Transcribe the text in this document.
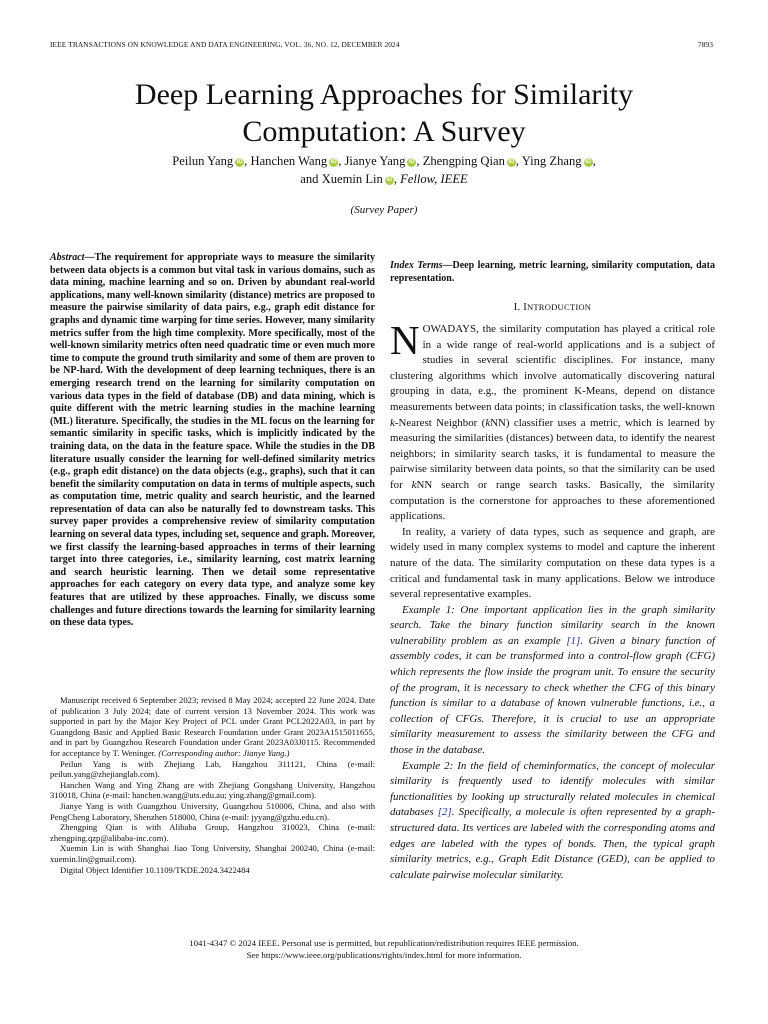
IEEE TRANSACTIONS ON KNOWLEDGE AND DATA ENGINEERING, VOL. 36, NO. 12, DECEMBER 2024	7893
Deep Learning Approaches for Similarity
Computation: A Survey
Peilun Yang iD , Hanchen Wang iD , Jianye Yang iD , Zhengping Qian iD , Ying Zhang iD ,
and Xuemin Lin iD , Fellow, IEEE
(Survey Paper)
Abstract—The requirement for appropriate ways to measure the similarity between data objects is a common but vital task in various domains, such as data mining, machine learning and so on. Driven by abundant real-world applications, many well-known similarity (distance) metrics are proposed to measure the pairwise similarity of data pairs, e.g., graph edit distance for graphs and dynamic time warping for time series. However, many similarity metrics suffer from the high time complexity. More specifically, most of the well-known similarity metrics often need quadratic time or even much more time to compute the ground truth similarity and some of them are proven to be NP-hard. With the development of deep learning techniques, there is an emerging research trend on the learning for similarity computation on various data types in the field of database (DB) and data mining, which is quite different with the metric learning studies in the machine learning (ML) literature. Specifically, the studies in the ML focus on the learning for semantic similarity in specific tasks, which is implicitly indicated by the training data, on the data in the feature space. While the studies in the DB literature usually consider the learning for well-defined similarity metrics (e.g., graph edit distance) on the data objects (e.g., graphs), such that it can benefit the similarity computation on data in terms of multiple aspects, such as computation time, metric quality and search heuristic, and the learned representation of data can also be naturally fed to downstream tasks. This survey paper provides a comprehensive review of similarity computation learning on several data types, including set, sequence and graph. Moreover, we first classify the learning-based approaches in terms of their learning target into three categories, i.e., similarity learning, cost matrix learning and search heuristic learning. Then we detail some representative approaches for each category on every data type, and analyze some key features that are utilized by these approaches. Finally, we discuss some challenges and future directions towards the learning for similarity learning on these data types.

Manuscript received 6 September 2023; revised 8 May 2024; accepted 22 June 2024. Date of publication 3 July 2024; date of current version 13 November 2024. This work was supported in part by the Major Key Project of PCL under Grant PCL2022A03, in part by Guangdong Basic and Applied Basic Research Foundation under Grant 2023A1515011655, and in part by Guangzhou Research Foundation under Grant 2023A03J0115. Recommended for acceptance by T. Weninger. (Corresponding author: Jianye Yang.)

Peilun Yang is with Zhejiang Lab, Hangzhou 311121, China (e-mail: peilun.yang@zhejianglab.com).

Hanchen Wang and Ying Zhang are with Zhejiang Gongshang University, Hangzhou 310018, China (e-mail: hanchen.wang@uts.edu.au; ying.zhang@gmail.com).

Jianye Yang is with Guangzhou University, Guangzhou 510006, China, and also with PengCheng Laboratory, Shenzhen 518000, China (e-mail: jyyang@gzhu.edu.cn).

Zhengping Qian is with Alibaba Group, Hangzhou 310023, China (e-mail: zhengping.qzp@alibaba-inc.com).

Xuemin Lin is with Shanghai Jiao Tong University, Shanghai 200240, China (e-mail: xuemin.lin@gmail.com).

Digital Object Identifier 10.1109/TKDE.2024.3422484

Index Terms—Deep learning, metric learning, similarity computation, data representation.
I. INTRODUCTION

NOWADAYS, the similarity computation has played a critical role in a wide range of real-world applications and is a subject of studies in several scientific disciplines. For instance, many clustering algorithms which involve automatically discovering natural grouping in data, e.g., the prominent K-Means, depend on distance measurements between data points; in classification tasks, the well-known k-Nearest Neighbor (kNN) classifier uses a metric, which is learned by measuring the similarities (distances) between data, to identify the nearest neighbors; in similarity search tasks, it is fundamental to measure the pairwise similarity between data points, so that the similarity can be used for kNN search or range search tasks. Basically, the similarity computation is the cornerstone for approaches to these aforementioned applications.

In reality, a variety of data types, such as sequence and graph, are widely used in many complex systems to model and capture the inherent nature of the data. The similarity computation on these data types is a critical and fundamental task in many applications. Below we introduce several representative examples.

Example 1: One important application lies in the graph similarity search. Take the binary function similarity search in the known vulnerability problem as an example [1]. Given a binary function of assembly codes, it can be transformed into a control-flow graph (CFG) which represents the flow inside the program unit. To ensure the security of the program, it is necessary to check whether the CFG of this binary function is similar to a database of known vulnerable functions, i.e., a collection of CFGs. Therefore, it is crucial to use an appropriate similarity measurement to assess the similarity between the CFG and those in the database.

Example 2: In the field of cheminformatics, the concept of molecular similarity is frequently used to identify molecules with similar functionalities by looking up structurally related molecules in chemical databases [2]. Specifically, a molecule is often represented by a graph-structured data. Its vertices are labeled with the corresponding atoms and edges are labeled with the types of bonds. Then, the typical graph similarity metrics, e.g., Graph Edit Distance (GED), can be applied to calculate pairwise molecular similarity.

1041-4347 © 2024 IEEE. Personal use is permitted, but republication/redistribution requires IEEE permission.
See https://www.ieee.org/publications/rights/index.html for more information.
